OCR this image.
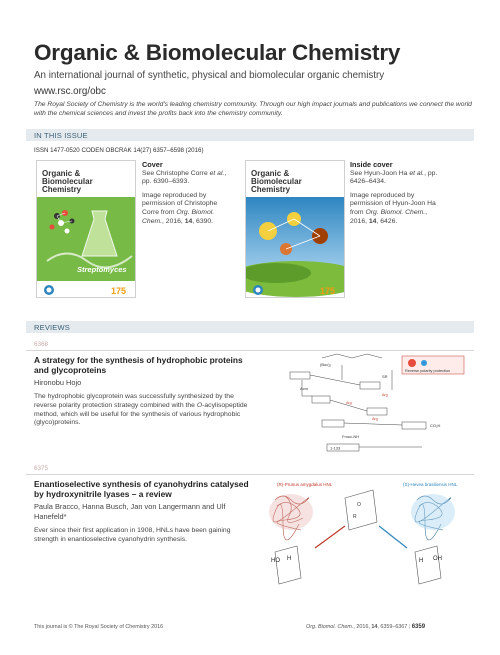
Organic & Biomolecular Chemistry
An international journal of synthetic, physical and biomolecular organic chemistry
www.rsc.org/obc
The Royal Society of Chemistry is the world's leading chemistry community. Through our high impact journals and publications we connect the world with the chemical sciences and invest the profits back into the chemistry community.
IN THIS ISSUE
ISSN 1477-0520 CODEN OBCRAK 14(27) 6357–6598 (2016)
Organic &
Biomolecular
Chemistry
Streptomyces
175
Cover
See Christophe Corre et al., pp. 6390–6393.
Image reproduced by permission of Christophe Corre from Org. Biomol. Chem., 2016, 14, 6390.
Organic &
Biomolecular
Chemistry
175
Inside cover
See Hyun-Joon Ha et al., pp. 6426–6434.
Image reproduced by permission of Hyun-Joon Ha from Org. Biomol. Chem., 2016, 14, 6426.
REVIEWS
6368
A strategy for the synthesis of hydrophobic proteins and glycoproteins
Hironobu Hojo
The hydrophobic glycoprotein was successfully synthesized by the reverse polarity protection strategy combined with the O-acylisopeptide method, which will be useful for the synthesis of various hydrophobic (glyco)proteins.
(Boc)₂
Acm
Fmoc-NH
1-133
CO₂H
SR
Arg
Arg
Arg
Reverse polarity protection
6375
Enantioselective synthesis of cyanohydrins catalysed by hydroxynitrile lyases – a review
Paula Bracco, Hanna Busch, Jan von Langermann and Ulf Hanefeld*
Ever since their first application in 1908, HNLs have been gaining strength in enantioselective cyanohydrin synthesis.
(R)-Prunus amygdalus HNL	(S)-Hevea brasiliensis HNL
O
R
HO H	H OH
This journal is © The Royal Society of Chemistry 2016	Org. Biomol. Chem., 2016, 14, 6359–6367 | 6359
